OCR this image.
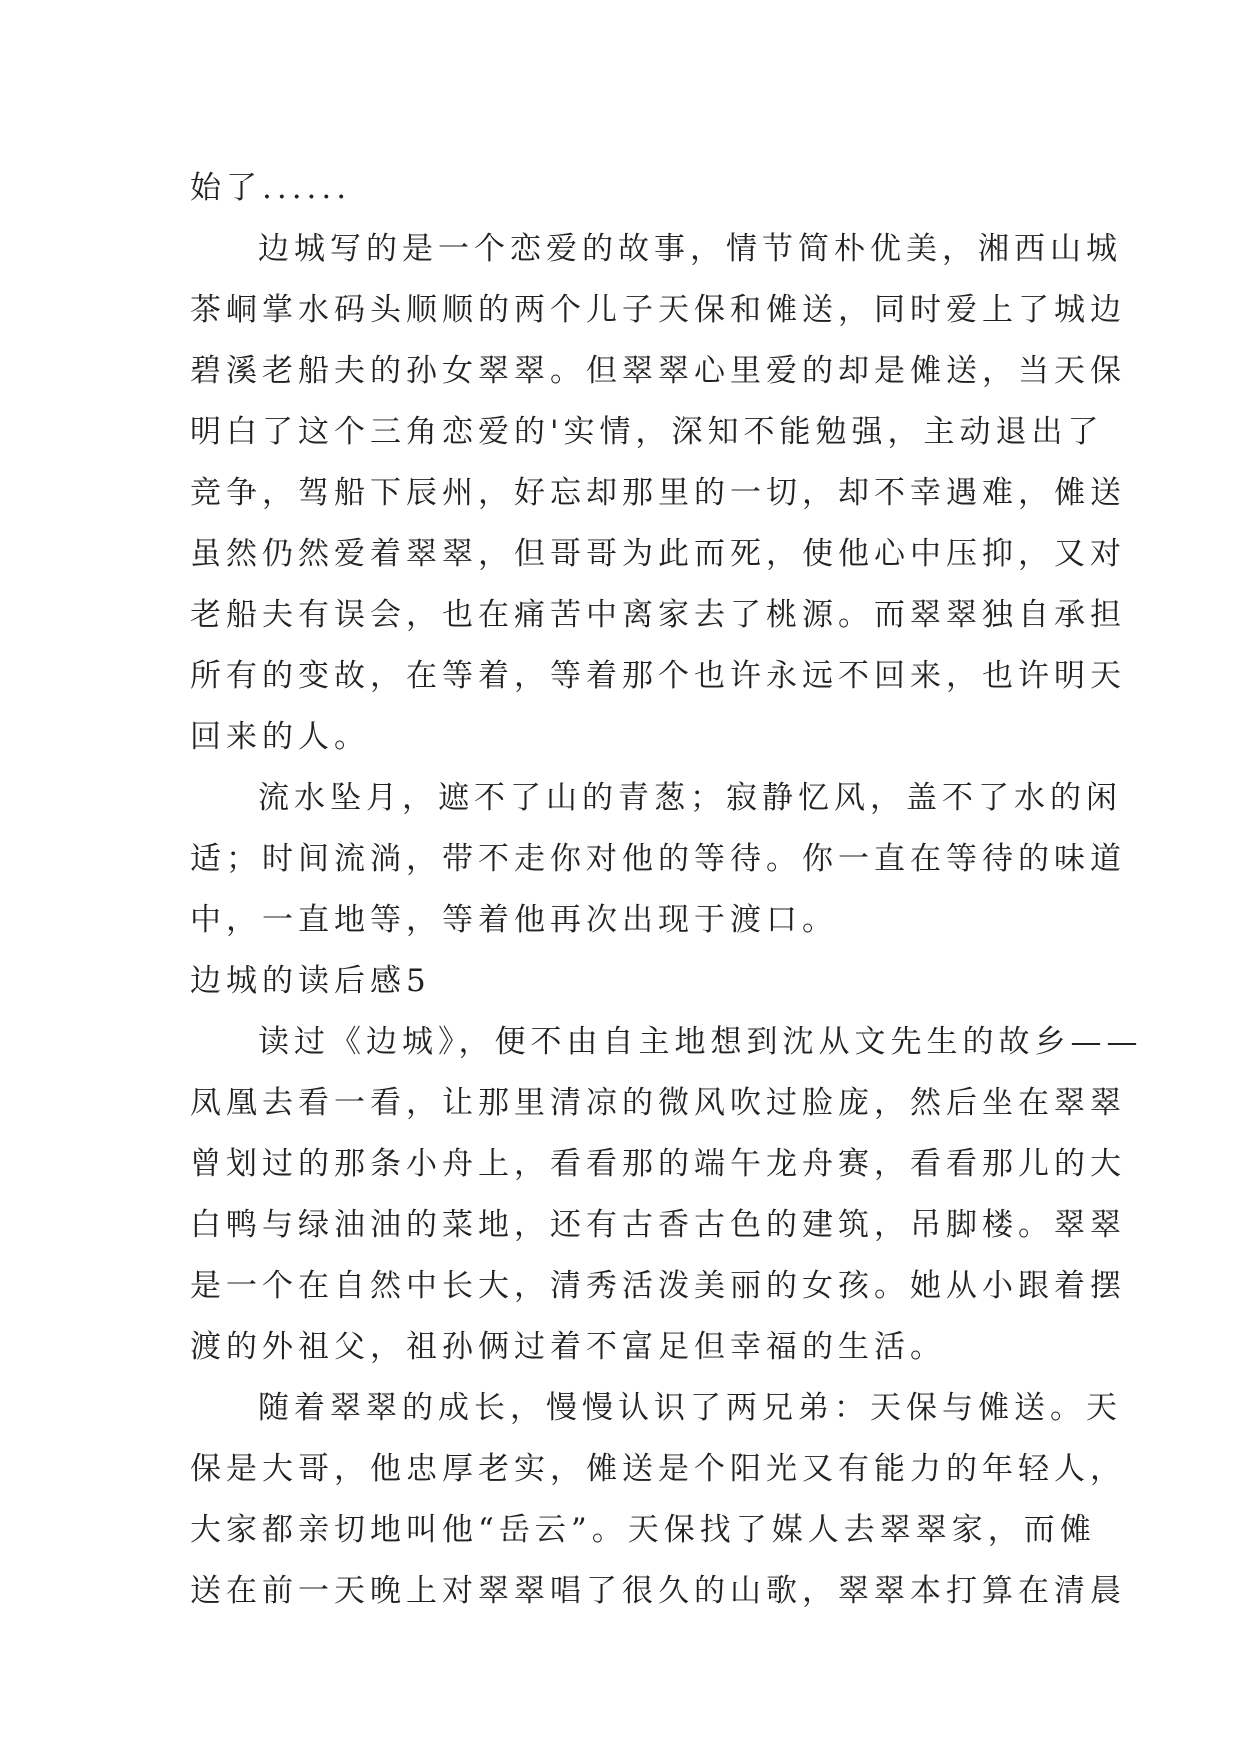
始了......
边城写的是一个恋爱的故事，情节简朴优美，湘西山城
茶峒掌水码头顺顺的两个儿子天保和傩送，同时爱上了城边
碧溪老船夫的孙女翠翠。但翠翠心里爱的却是傩送，当天保
明白了这个三角恋爱的'实情，深知不能勉强，主动退出了
竞争，驾船下辰州，好忘却那里的一切，却不幸遇难，傩送
虽然仍然爱着翠翠，但哥哥为此而死，使他心中压抑，又对
老船夫有误会，也在痛苦中离家去了桃源。而翠翠独自承担
所有的变故，在等着，等着那个也许永远不回来，也许明天
回来的人。
流水坠月，遮不了山的青葱；寂静忆风，盖不了水的闲
适；时间流淌，带不走你对他的等待。你一直在等待的味道
中，一直地等，等着他再次出现于渡口。
边城的读后感5
读过《边城》，便不由自主地想到沈从文先生的故乡——
凤凰去看一看，让那里清凉的微风吹过脸庞，然后坐在翠翠
曾划过的那条小舟上，看看那的端午龙舟赛，看看那儿的大
白鸭与绿油油的菜地，还有古香古色的建筑，吊脚楼。翠翠
是一个在自然中长大，清秀活泼美丽的女孩。她从小跟着摆
渡的外祖父，祖孙俩过着不富足但幸福的生活。
随着翠翠的成长，慢慢认识了两兄弟：天保与傩送。天
保是大哥，他忠厚老实，傩送是个阳光又有能力的年轻人，
大家都亲切地叫他“岳云”。天保找了媒人去翠翠家，而傩
送在前一天晚上对翠翠唱了很久的山歌，翠翠本打算在清晨
